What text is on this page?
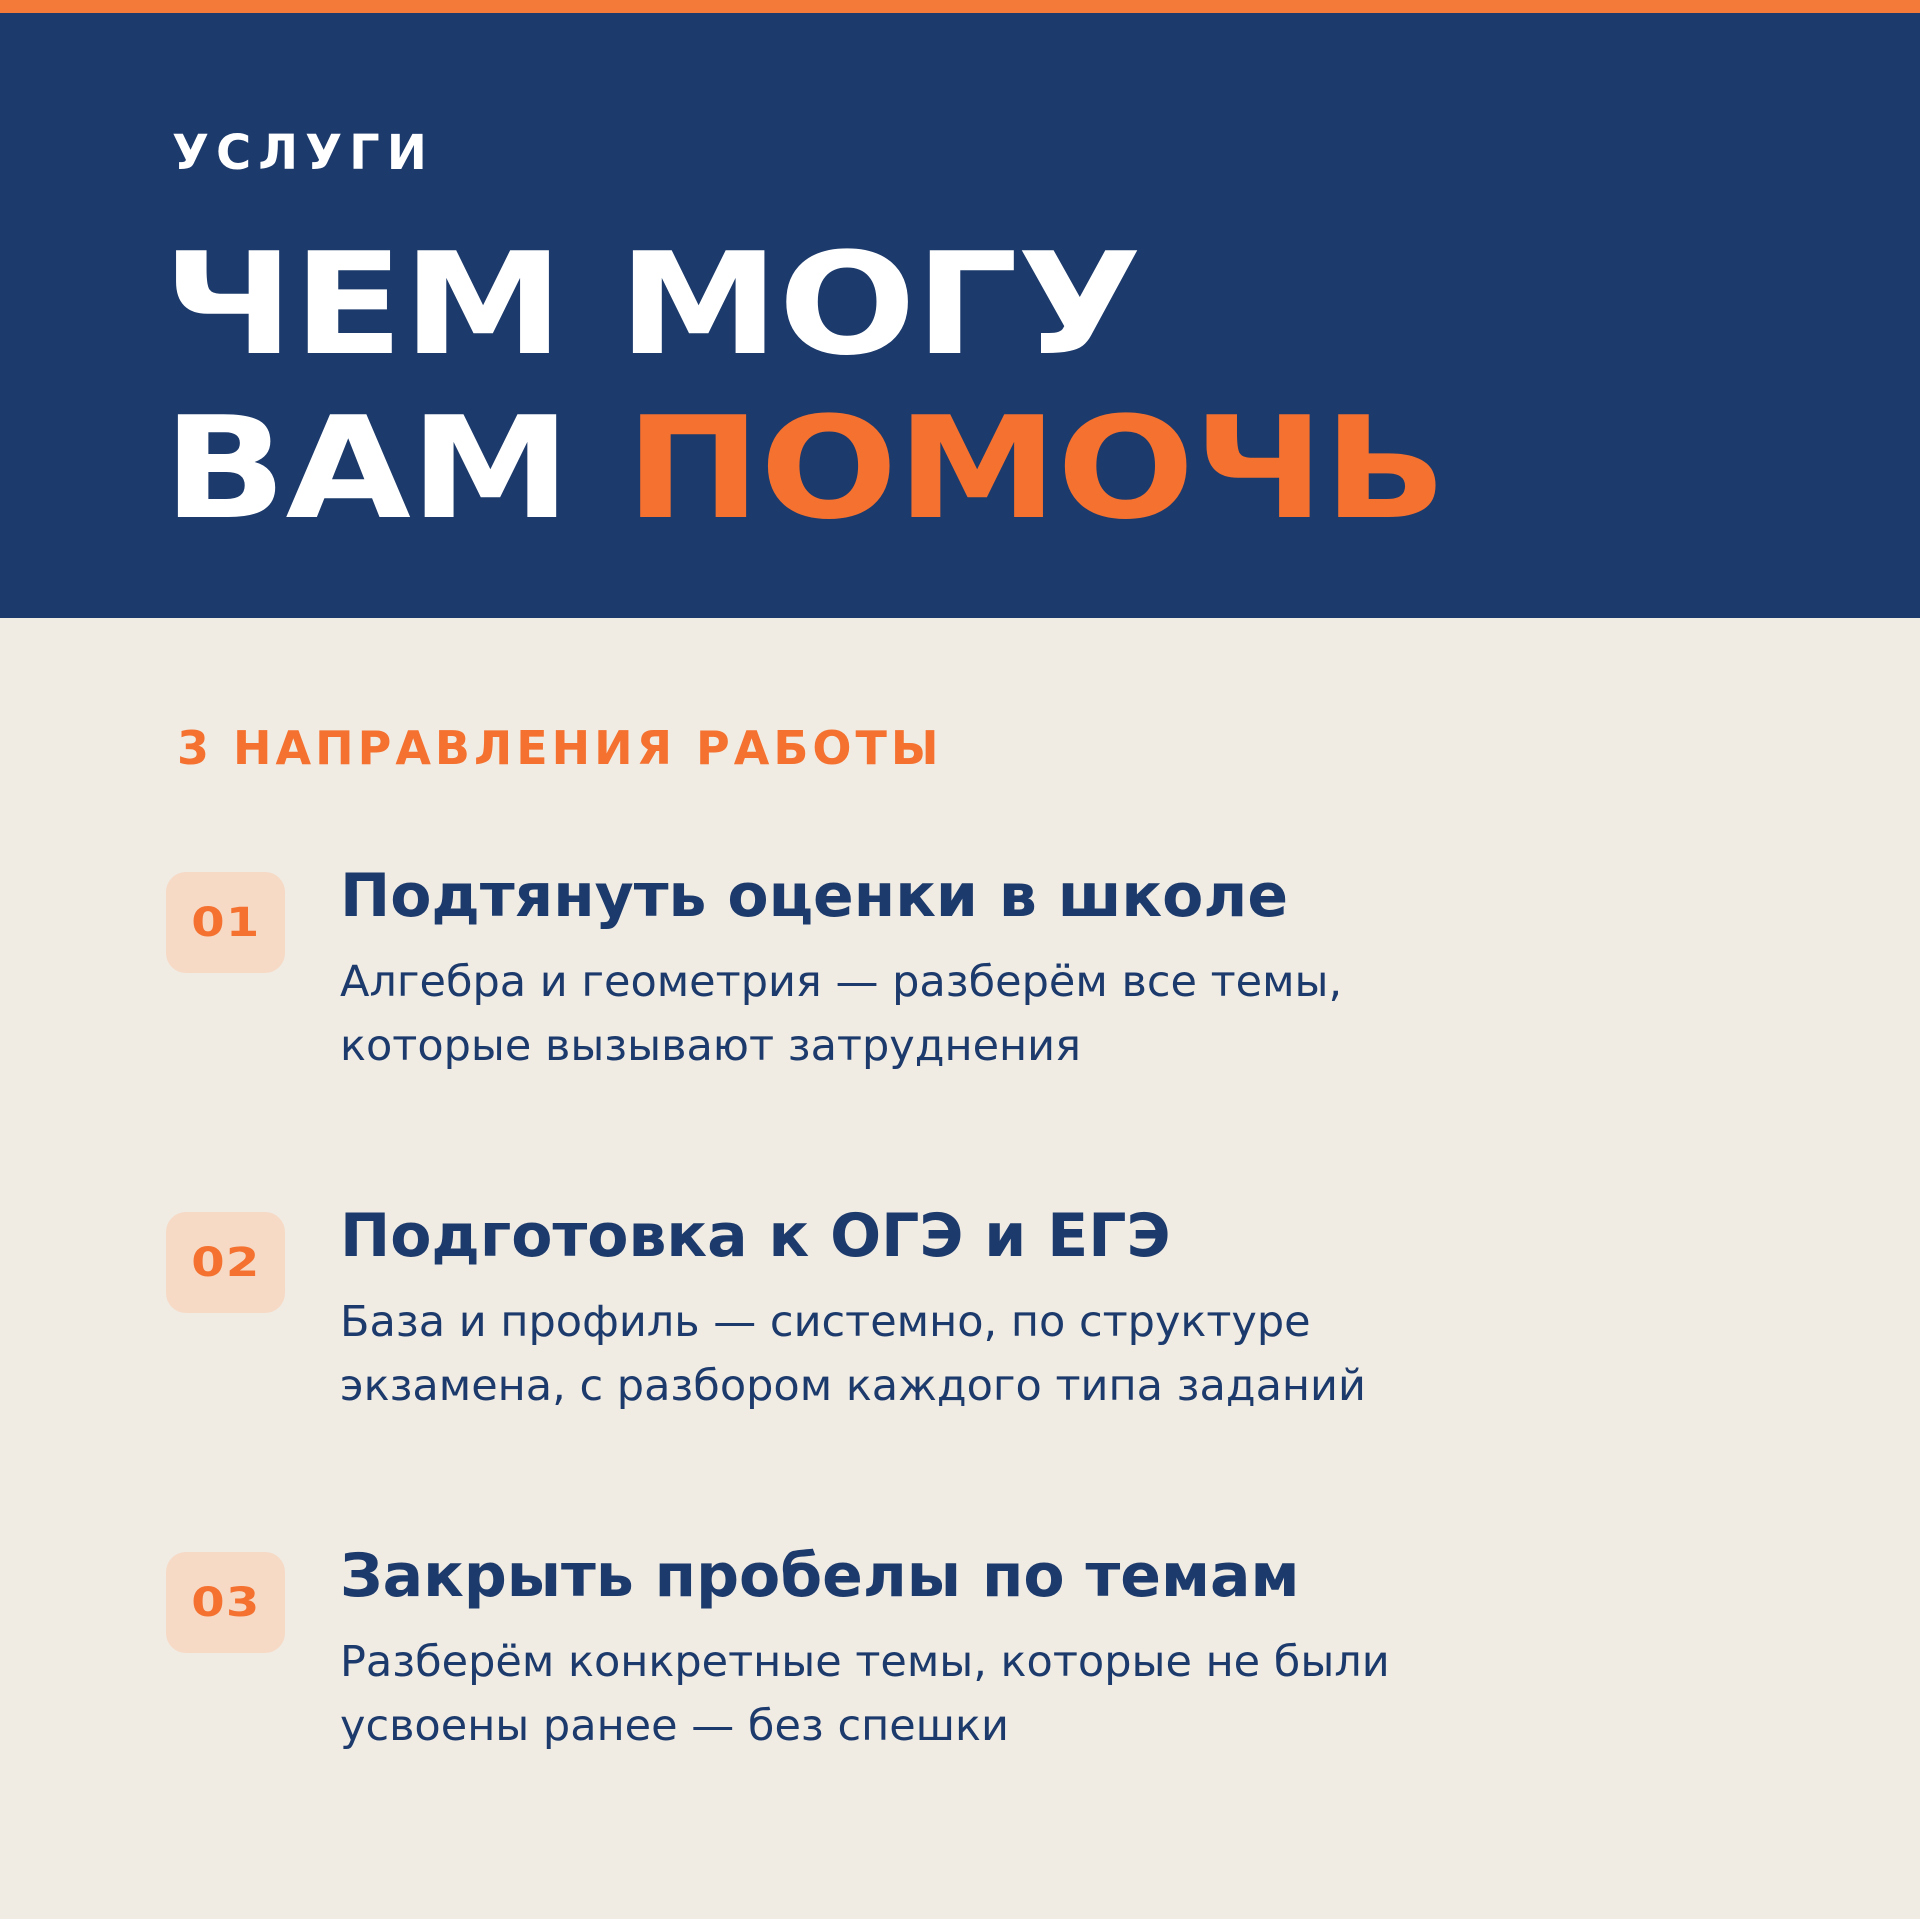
УСЛУГИ

ЧЕМ МОГУ
ВАМ ПОМОЧЬ

3 НАПРАВЛЕНИЯ РАБОТЫ

01 Подтянуть оценки в школе

Алгебра и геометрия — разберём все темы,
которые вызывают затруднения

02 Подготовка к ОГЭ и ЕГЭ

База и профиль — системно, по структуре
экзамена, с разбором каждого типа заданий

03 Закрыть пробелы по темам

Разберём конкретные темы, которые не были
усвоены ранее — без спешки
